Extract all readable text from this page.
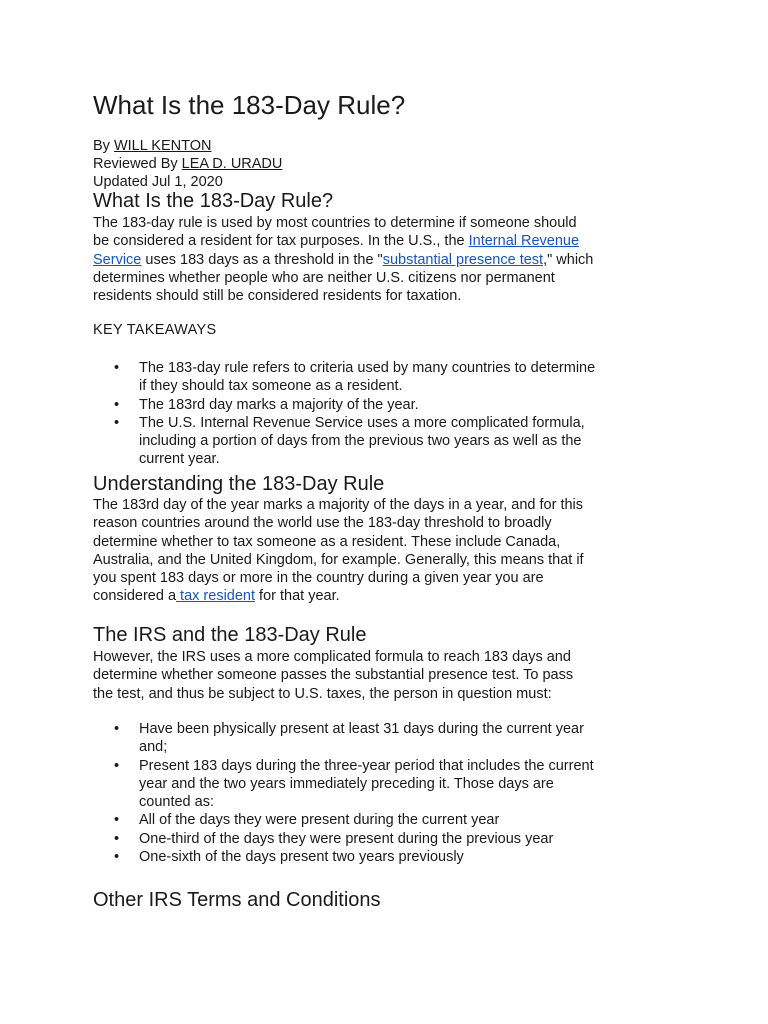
What Is the 183-Day Rule?
By WILL KENTON
Reviewed By LEA D. URADU
Updated Jul 1, 2020
What Is the 183-Day Rule?

The 183-day rule is used by most countries to determine if someone should
be considered a resident for tax purposes. In the U.S., the Internal Revenue
Service uses 183 days as a threshold in the "substantial presence test," which
determines whether people who are neither U.S. citizens nor permanent
residents should still be considered residents for taxation.

KEY TAKEAWAYS
• The 183-day rule refers to criteria used by many countries to determine
if they should tax someone as a resident.
• The 183rd day marks a majority of the year.
• The U.S. Internal Revenue Service uses a more complicated formula,
including a portion of days from the previous two years as well as the
current year.
Understanding the 183-Day Rule

The 183rd day of the year marks a majority of the days in a year, and for this
reason countries around the world use the 183-day threshold to broadly
determine whether to tax someone as a resident. These include Canada,
Australia, and the United Kingdom, for example. Generally, this means that if
you spent 183 days or more in the country during a given year you are
considered a tax resident for that year.

The IRS and the 183-Day Rule

However, the IRS uses a more complicated formula to reach 183 days and
determine whether someone passes the substantial presence test. To pass
the test, and thus be subject to U.S. taxes, the person in question must:

• Have been physically present at least 31 days during the current year
and;
• Present 183 days during the three-year period that includes the current
year and the two years immediately preceding it. Those days are
counted as:
• All of the days they were present during the current year
• One-third of the days they were present during the previous year
• One-sixth of the days present two years previously
Other IRS Terms and Conditions
